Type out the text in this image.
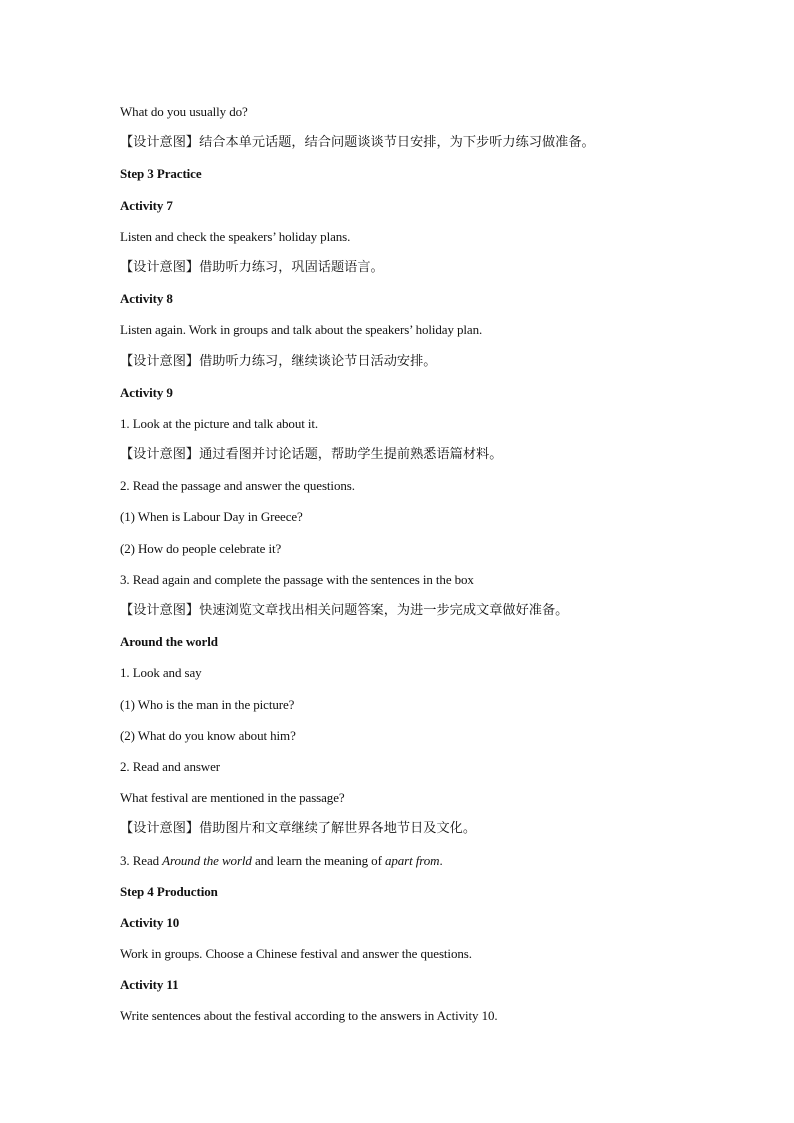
What do you usually do?
【设计意图】结合本单元话题，结合问题谈谈节日安排，为下步听力练习做准备。
Step 3 Practice
Activity 7
Listen and check the speakers’ holiday plans.
【设计意图】借助听力练习，巩固话题语言。
Activity 8
Listen again. Work in groups and talk about the speakers’ holiday plan.
【设计意图】借助听力练习，继续谈论节日活动安排。
Activity 9
1. Look at the picture and talk about it.
【设计意图】通过看图并讨论话题，帮助学生提前熟悉语篇材料。
2. Read the passage and answer the questions.
(1) When is Labour Day in Greece?
(2) How do people celebrate it?
3. Read again and complete the passage with the sentences in the box
【设计意图】快速浏览文章找出相关问题答案，为进一步完成文章做好准备。
Around the world
1. Look and say
(1) Who is the man in the picture?
(2) What do you know about him?
2. Read and answer
What festival are mentioned in the passage?
【设计意图】借助图片和文章继续了解世界各地节日及文化。
3. Read Around the world and learn the meaning of apart from.
Step 4 Production
Activity 10
Work in groups. Choose a Chinese festival and answer the questions.
Activity 11
Write sentences about the festival according to the answers in Activity 10.
